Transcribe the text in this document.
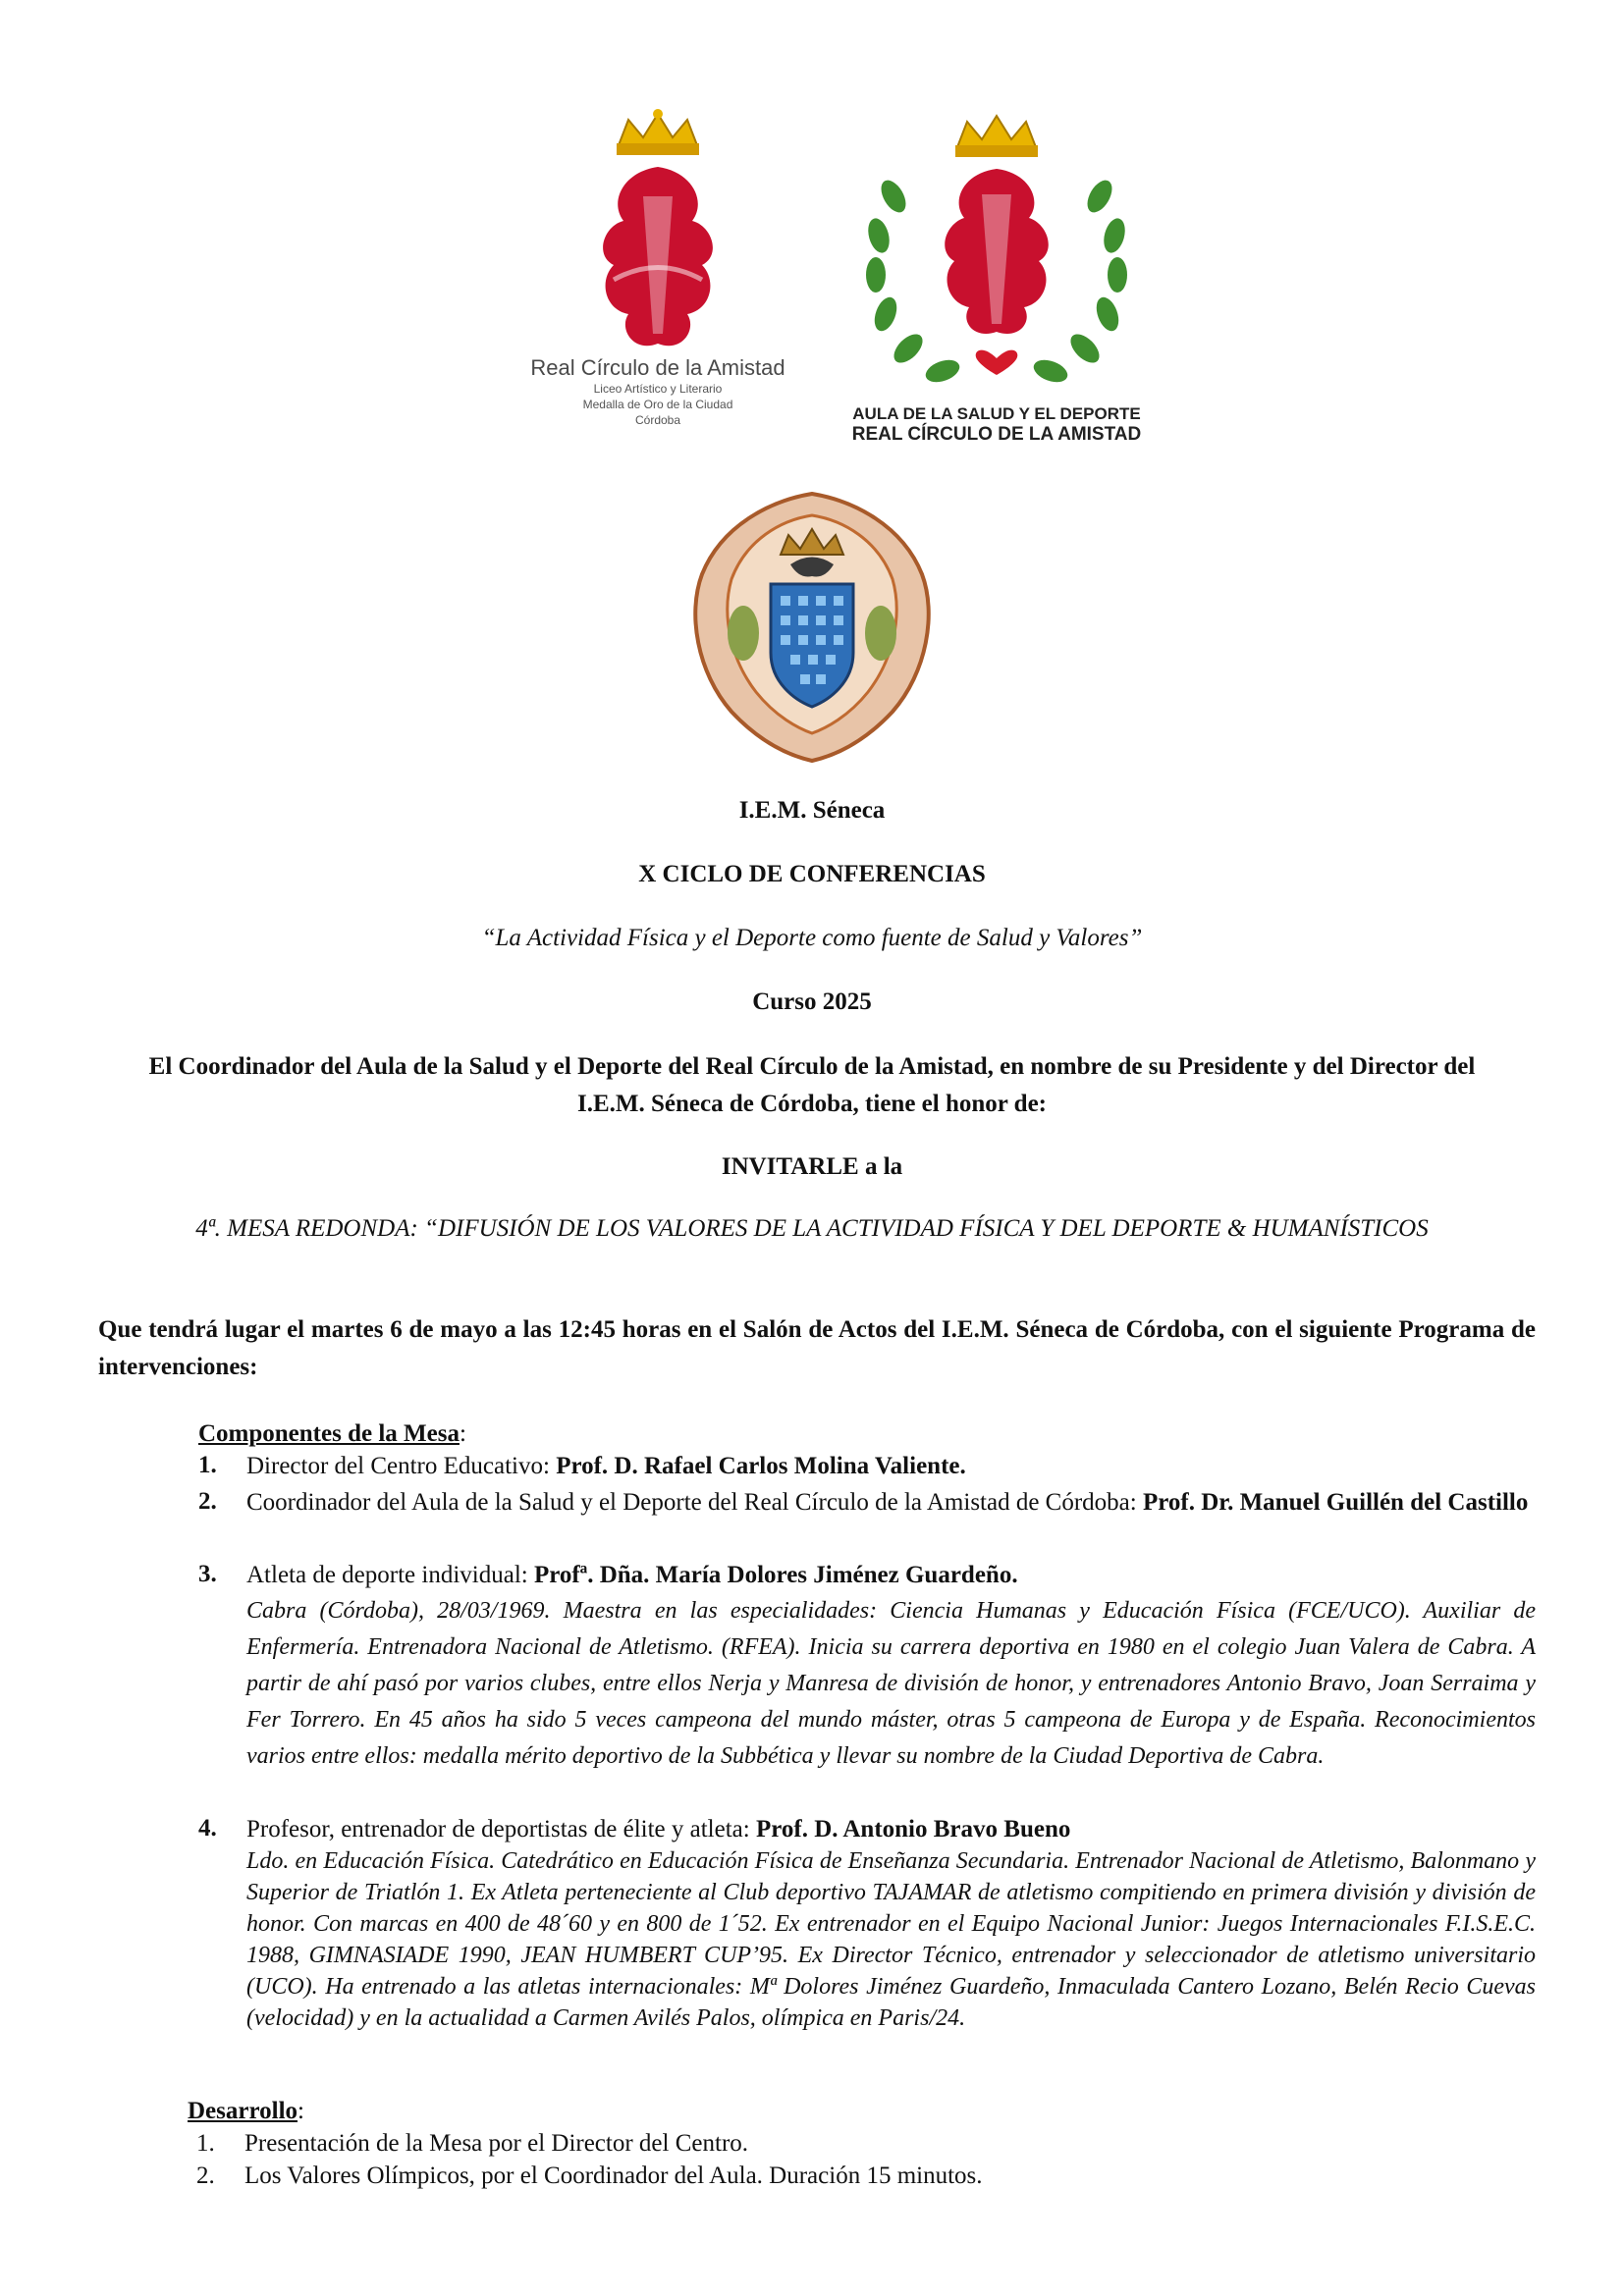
Real Círculo de la Amistad
Liceo Artístico y Literario
Medalla de Oro de la Ciudad
Córdoba	AULA DE LA SALUD Y EL DEPORTE
REAL CÍRCULO DE LA AMISTAD
I.E.M. Séneca
X CICLO DE CONFERENCIAS
“La Actividad Física y el Deporte como fuente de Salud y Valores”
Curso 2025
El Coordinador del Aula de la Salud y el Deporte del Real Círculo de la Amistad, en nombre de su Presidente y del Director del I.E.M. Séneca de Córdoba, tiene el honor de:
INVITARLE a la
4ª. MESA REDONDA: “DIFUSIÓN DE LOS VALORES DE LA ACTIVIDAD FÍSICA Y DEL DEPORTE & HUMANÍSTICOS
Que tendrá lugar el martes 6 de mayo a las 12:45 horas en el Salón de Actos del I.E.M. Séneca de Córdoba, con el siguiente Programa de intervenciones:
Componentes de la Mesa:
1. Director del Centro Educativo: Prof. D. Rafael Carlos Molina Valiente.
2. Coordinador del Aula de la Salud y el Deporte del Real Círculo de la Amistad de Córdoba: Prof. Dr. Manuel Guillén del Castillo
3. Atleta de deporte individual: Profª. Dña. María Dolores Jiménez Guardeño.
Cabra (Córdoba), 28/03/1969. Maestra en las especialidades: Ciencia Humanas y Educación Física (FCE/UCO). Auxiliar de Enfermería. Entrenadora Nacional de Atletismo. (RFEA). Inicia su carrera deportiva en 1980 en el colegio Juan Valera de Cabra. A partir de ahí pasó por varios clubes, entre ellos Nerja y Manresa de división de honor, y entrenadores Antonio Bravo, Joan Serraima y Fer Torrero. En 45 años ha sido 5 veces campeona del mundo máster, otras 5 campeona de Europa y de España. Reconocimientos varios entre ellos: medalla mérito deportivo de la Subbética y llevar su nombre de la Ciudad Deportiva de Cabra.
4. Profesor, entrenador de deportistas de élite y atleta: Prof. D. Antonio Bravo Bueno
Ldo. en Educación Física. Catedrático en Educación Física de Enseñanza Secundaria. Entrenador Nacional de Atletismo, Balonmano y Superior de Triatlón 1. Ex Atleta perteneciente al Club deportivo TAJAMAR de atletismo compitiendo en primera división y división de honor. Con marcas en 400 de 48´60 y en 800 de 1´52. Ex entrenador en el Equipo Nacional Junior: Juegos Internacionales F.I.S.E.C. 1988, GIMNASIADE 1990, JEAN HUMBERT CUP’95. Ex Director Técnico, entrenador y seleccionador de atletismo universitario (UCO). Ha entrenado a las atletas internacionales: Mª Dolores Jiménez Guardeño, Inmaculada Cantero Lozano, Belén Recio Cuevas (velocidad) y en la actualidad a Carmen Avilés Palos, olímpica en Paris/24.
Desarrollo:
1. Presentación de la Mesa por el Director del Centro.
2. Los Valores Olímpicos, por el Coordinador del Aula. Duración 15 minutos.
